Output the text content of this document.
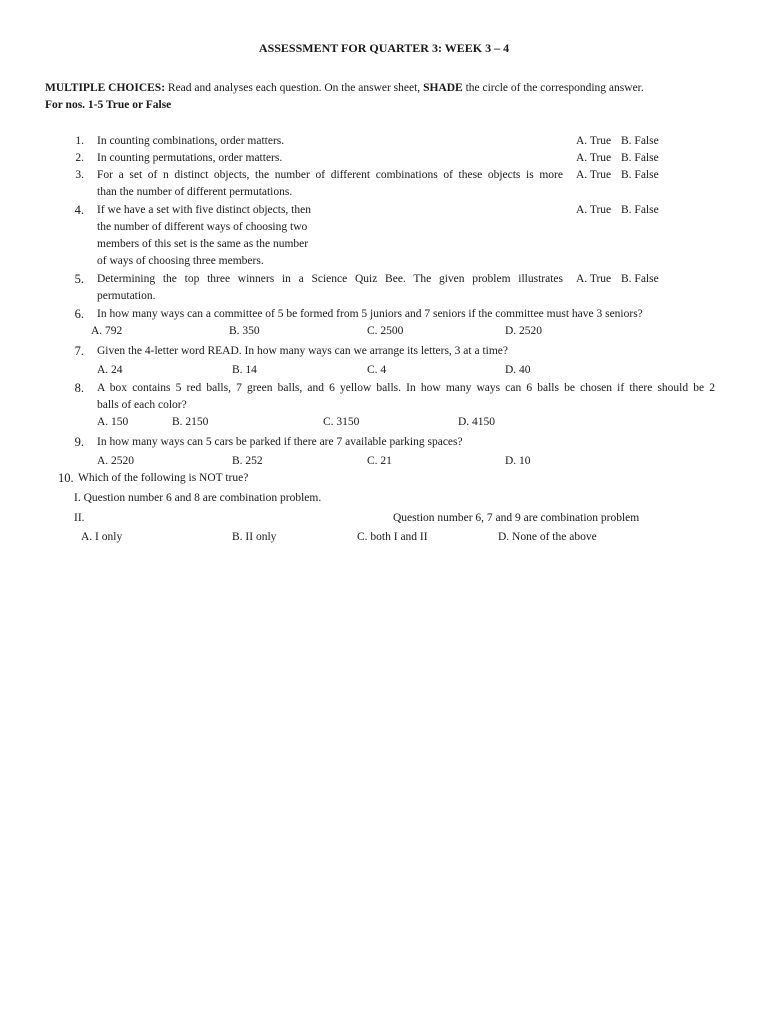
ASSESSMENT FOR QUARTER 3: WEEK 3 – 4
MULTIPLE CHOICES: Read and analyses each question. On the answer sheet, SHADE the circle of the corresponding answer.
For nos. 1-5 True or False
1. In counting combinations, order matters.	A. True B. False
2. In counting permutations, order matters.	A. True B. False
3. For a set of n distinct objects, the number of different combinations of these objects is more
than the number of different permutations.
A. True B. False
4. If we have a set with five distinct objects, then
the number of different ways of choosing two
members of this set is the same as the number
of ways of choosing three members.
A. True B. False
5. Determining the top three winners in a Science Quiz Bee. The given problem illustrates
permutation.
A. True B. False
6. In how many ways can a committee of 5 be formed from 5 juniors and 7 seniors if the committee must have 3 seniors?
A. 792	B. 350	C. 2500	D. 2520
7. Given the 4-letter word READ. In how many ways can we arrange its letters, 3 at a time?
A. 24	B. 14	C. 4	D. 40
8. A box contains 5 red balls, 7 green balls, and 6 yellow balls. In how many ways can 6 balls be chosen if there should be 2
balls of each color?
A. 150	B. 2150	C. 3150	D. 4150
9. In how many ways can 5 cars be parked if there are 7 available parking spaces?
A. 2520	B. 252	C. 21	D. 10
10. Which of the following is NOT true?
I. Question number 6 and 8 are combination problem.
II.	Question number 6, 7 and 9 are combination problem
A. I only	B. II only	C. both I and II	D. None of the above
